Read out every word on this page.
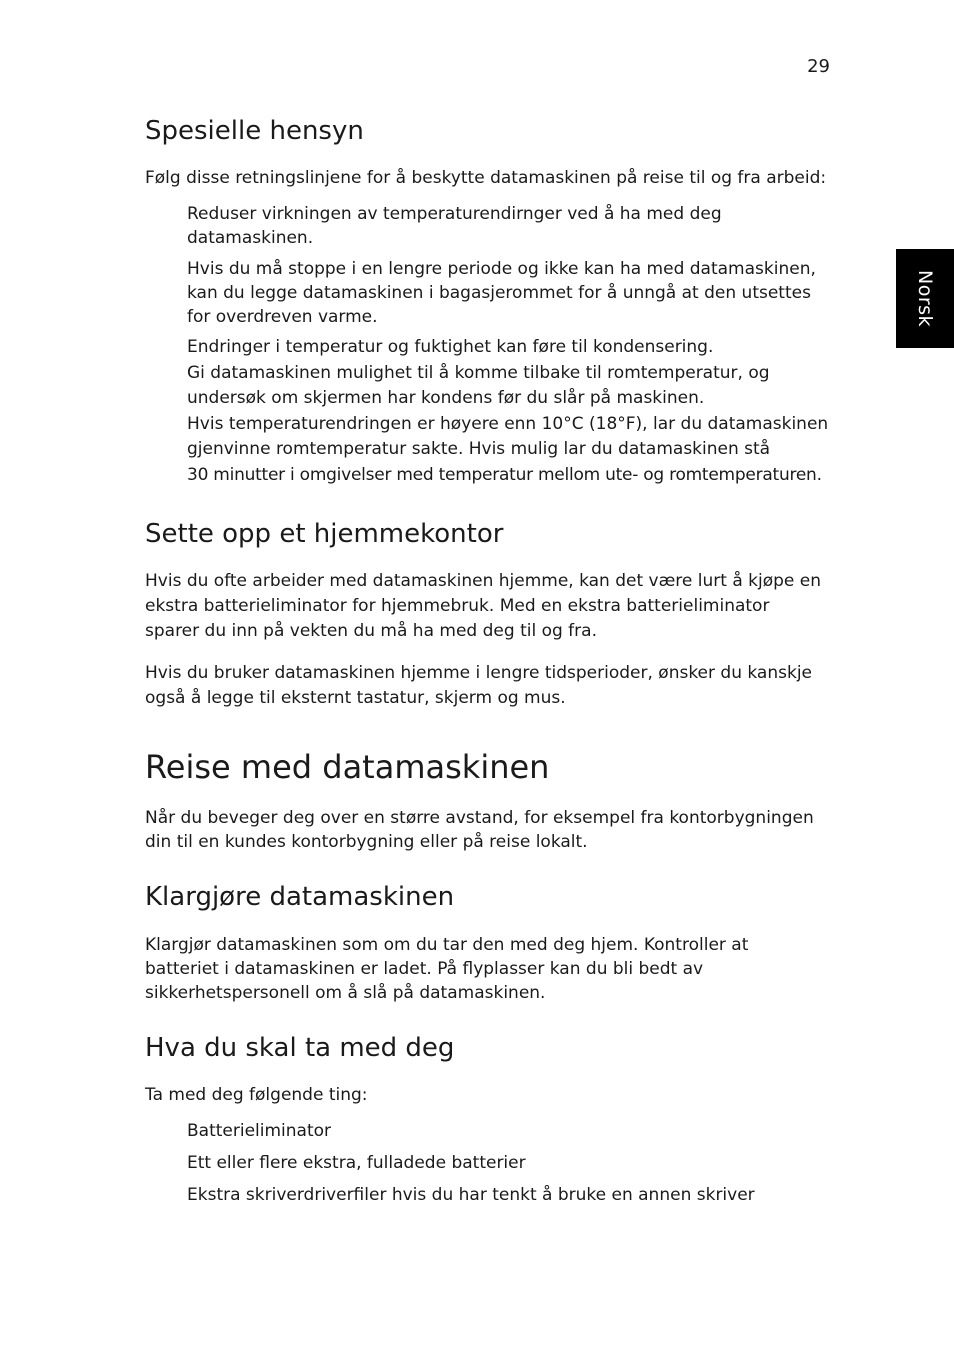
29
Norsk
Spesielle hensyn

Følg disse retningslinjene for å beskytte datamaskinen på reise til og fra arbeid:

Reduser virkningen av temperaturendirnger ved å ha med deg
datamaskinen.
Hvis du må stoppe i en lengre periode og ikke kan ha med datamaskinen,
kan du legge datamaskinen i bagasjerommet for å unngå at den utsettes
for overdreven varme.
Endringer i temperatur og fuktighet kan føre til kondensering.
Gi datamaskinen mulighet til å komme tilbake til romtemperatur, og
undersøk om skjermen har kondens før du slår på maskinen.
Hvis temperaturendringen er høyere enn 10°C (18°F), lar du datamaskinen
gjenvinne romtemperatur sakte. Hvis mulig lar du datamaskinen stå
30 minutter i omgivelser med temperatur mellom ute- og romtemperaturen.
Sette opp et hjemmekontor
Hvis du ofte arbeider med datamaskinen hjemme, kan det være lurt å kjøpe en
ekstra batterieliminator for hjemmebruk. Med en ekstra batterieliminator
sparer du inn på vekten du må ha med deg til og fra.
Hvis du bruker datamaskinen hjemme i lengre tidsperioder, ønsker du kanskje
også å legge til eksternt tastatur, skjerm og mus.
Reise med datamaskinen
Når du beveger deg over en større avstand, for eksempel fra kontorbygningen
din til en kundes kontorbygning eller på reise lokalt.
Klargjøre datamaskinen
Klargjør datamaskinen som om du tar den med deg hjem. Kontroller at
batteriet i datamaskinen er ladet. På flyplasser kan du bli bedt av
sikkerhetspersonell om å slå på datamaskinen.
Hva du skal ta med deg

Ta med deg følgende ting:

Batterieliminator

Ett eller flere ekstra, fulladede batterier

Ekstra skriverdriverfiler hvis du har tenkt å bruke en annen skriver
